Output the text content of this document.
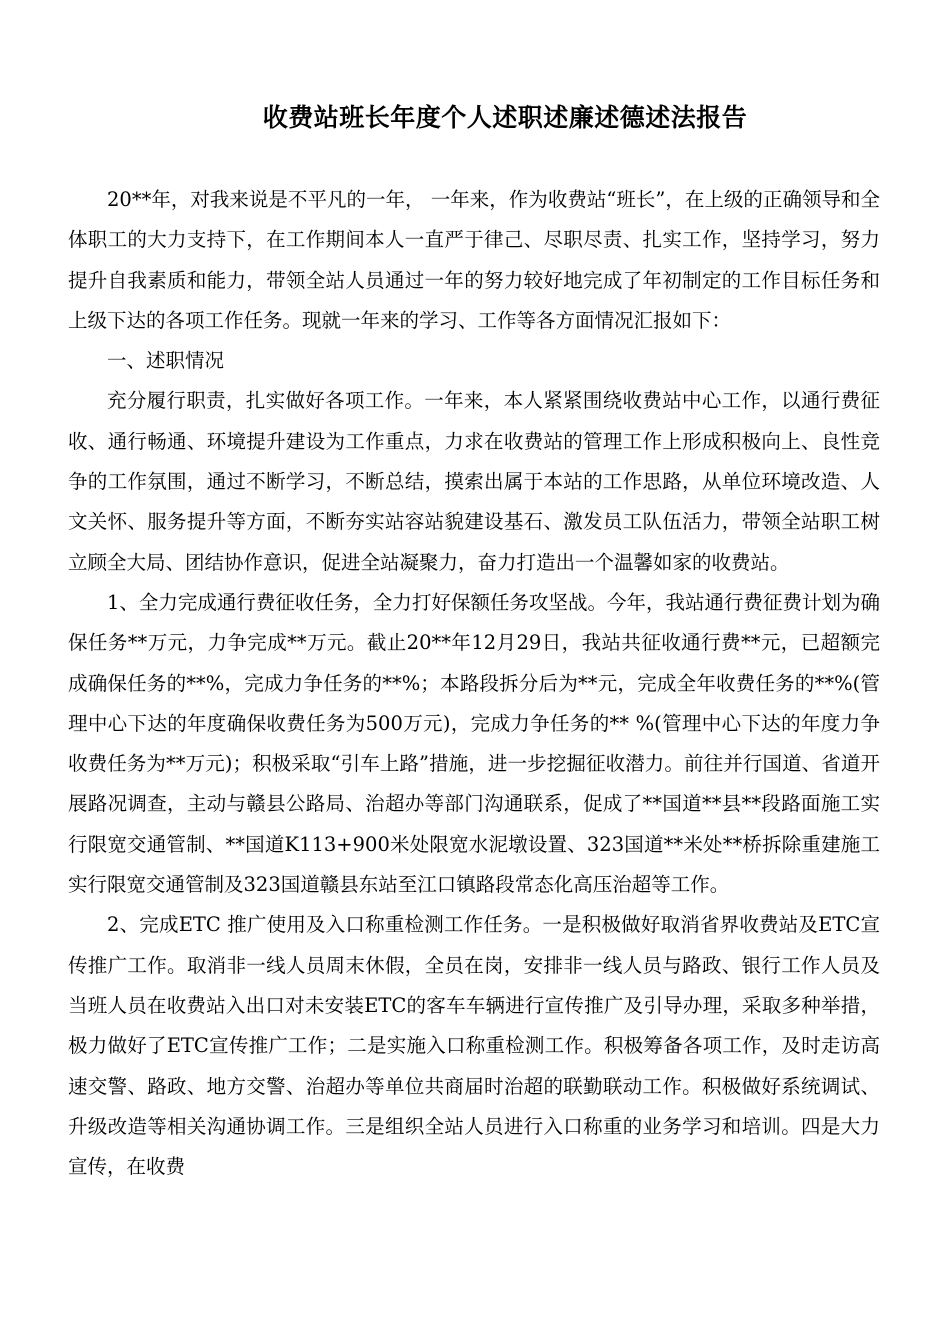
收费站班长年度个人述职述廉述德述法报告

20**年，对我来说是不平凡的一年， 一年来，作为收费站“班长”，在上级的正确领导和全体职工的大力支持下，在工作期间本人一直严于律己、尽职尽责、扎实工作，坚持学习，努力提升自我素质和能力，带领全站人员通过一年的努力较好地完成了年初制定的工作目标任务和上级下达的各项工作任务。现就一年来的学习、工作等各方面情况汇报如下：

一、述职情况

充分履行职责，扎实做好各项工作。一年来，本人紧紧围绕收费站中心工作，以通行费征收、通行畅通、环境提升建设为工作重点，力求在收费站的管理工作上形成积极向上、良性竞争的工作氛围，通过不断学习，不断总结，摸索出属于本站的工作思路，从单位环境改造、人文关怀、服务提升等方面，不断夯实站容站貌建设基石、激发员工队伍活力，带领全站职工树立顾全大局、团结协作意识，促进全站凝聚力，奋力打造出一个温馨如家的收费站。

1、全力完成通行费征收任务，全力打好保额任务攻坚战。今年，我站通行费征费计划为确保任务**万元，力争完成**万元。截止20**年12月29日，我站共征收通行费**元，已超额完成确保任务的**%，完成力争任务的**%；本路段拆分后为**元，完成全年收费任务的**%(管理中心下达的年度确保收费任务为500万元)，完成力争任务的** %(管理中心下达的年度力争收费任务为**万元)；积极采取“引车上路”措施，进一步挖掘征收潜力。前往并行国道、省道开展路况调查，主动与赣县公路局、治超办等部门沟通联系，促成了**国道**县**段路面施工实行限宽交通管制、**国道K113+900米处限宽水泥墩设置、323国道**米处**桥拆除重建施工实行限宽交通管制及323国道赣县东站至江口镇路段常态化高压治超等工作。

2、完成ETC 推广使用及入口称重检测工作任务。一是积极做好取消省界收费站及ETC宣传推广工作。取消非一线人员周末休假，全员在岗，安排非一线人员与路政、银行工作人员及当班人员在收费站入出口对未安装ETC的客车车辆进行宣传推广及引导办理，采取多种举措，极力做好了ETC宣传推广工作；二是实施入口称重检测工作。积极筹备各项工作，及时走访高速交警、路政、地方交警、治超办等单位共商届时治超的联勤联动工作。积极做好系统调试、升级改造等相关沟通协调工作。三是组织全站人员进行入口称重的业务学习和培训。四是大力宣传，在收费
